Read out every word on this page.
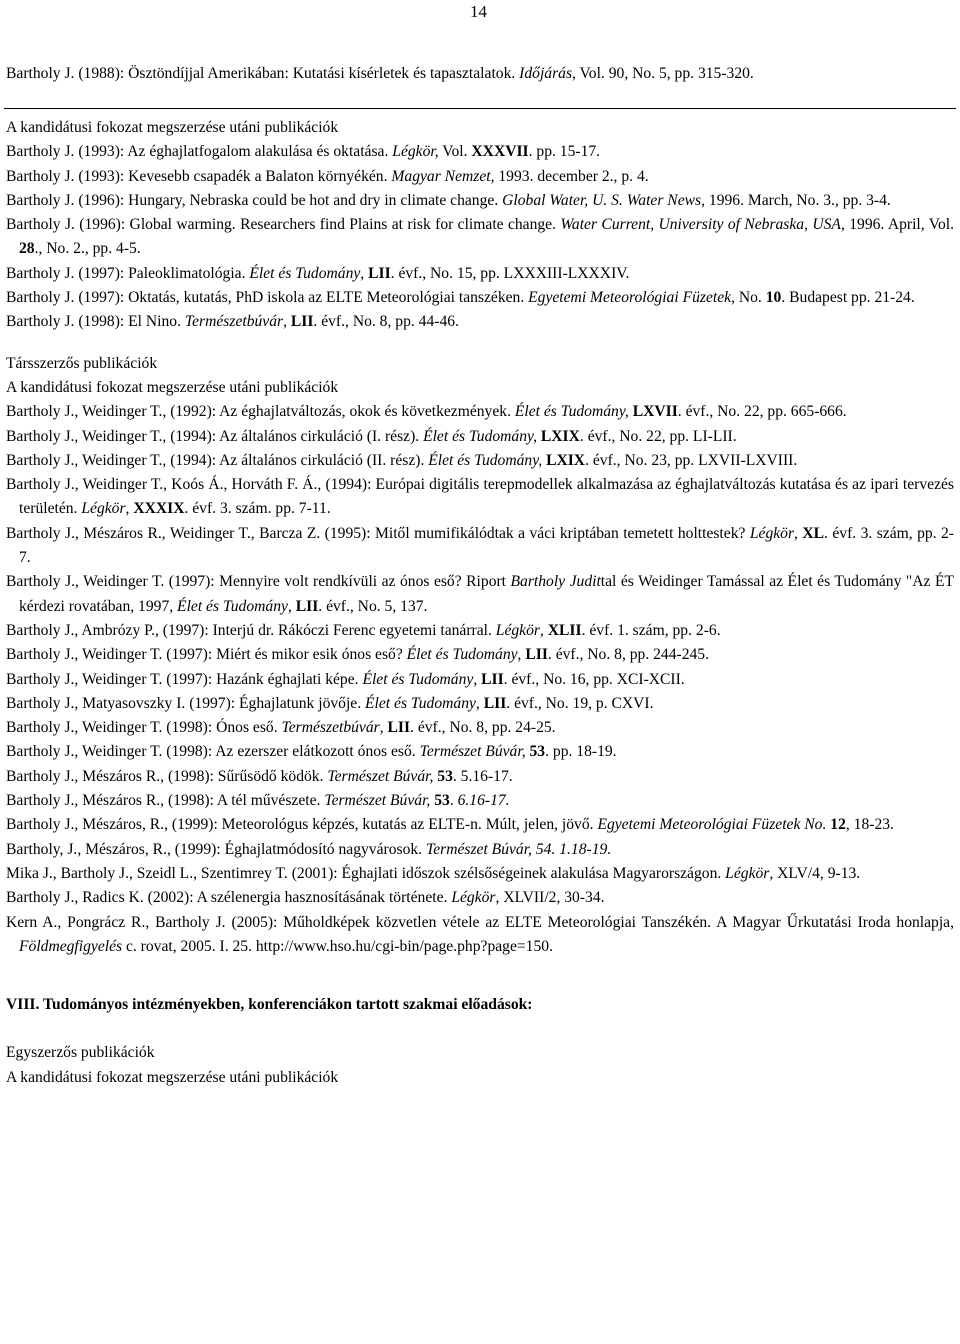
14

Bartholy J. (1988): Ösztöndíjjal Amerikában: Kutatási kísérletek és tapasztalatok. Időjárás, Vol. 90, No. 5, pp. 315-320.

A kandidátusi fokozat megszerzése utáni publikációk

Bartholy J. (1993): Az éghajlatfogalom alakulása és oktatása. Légkör, Vol. XXXVII. pp. 15-17.

Bartholy J. (1993): Kevesebb csapadék a Balaton környékén. Magyar Nemzet, 1993. december 2., p. 4.

Bartholy J. (1996): Hungary, Nebraska could be hot and dry in climate change. Global Water, U. S. Water News, 1996. March, No. 3., pp. 3-4.

Bartholy J. (1996): Global warming. Researchers find Plains at risk for climate change. Water Current, University of Nebraska, USA, 1996. April, Vol. 28., No. 2., pp. 4-5.

Bartholy J. (1997): Paleoklimatológia. Élet és Tudomány, LII. évf., No. 15, pp. LXXXIII-LXXXIV.

Bartholy J. (1997): Oktatás, kutatás, PhD iskola az ELTE Meteorológiai tanszéken. Egyetemi Meteorológiai Füzetek, No. 10. Budapest pp. 21-24.

Bartholy J. (1998): El Nino. Természetbúvár, LII. évf., No. 8, pp. 44-46.

Társszerzős publikációk

A kandidátusi fokozat megszerzése utáni publikációk

Bartholy J., Weidinger T., (1992): Az éghajlatváltozás, okok és következmények. Élet és Tudomány, LXVII. évf., No. 22, pp. 665-666.

Bartholy J., Weidinger T., (1994): Az általános cirkuláció (I. rész). Élet és Tudomány, LXIX. évf., No. 22, pp. LI-LII.

Bartholy J., Weidinger T., (1994): Az általános cirkuláció (II. rész). Élet és Tudomány, LXIX. évf., No. 23, pp. LXVII-LXVIII.

Bartholy J., Weidinger T., Koós Á., Horváth F. Á., (1994): Európai digitális terepmodellek alkalmazása az éghajlatváltozás kutatása és az ipari tervezés területén. Légkör, XXXIX. évf. 3. szám. pp. 7-11.

Bartholy J., Mészáros R., Weidinger T., Barcza Z. (1995): Mitől mumifikálódtak a váci kriptában temetett holttestek? Légkör, XL. évf. 3. szám, pp. 2-7.

Bartholy J., Weidinger T. (1997): Mennyire volt rendkívüli az ónos eső? Riport Bartholy Judittal és Weidinger Tamással az Élet és Tudomány "Az ÉT kérdezi rovatában, 1997, Élet és Tudomány, LII. évf., No. 5, 137.

Bartholy J., Ambrózy P., (1997): Interjú dr. Rákóczi Ferenc egyetemi tanárral. Légkör, XLII. évf. 1. szám, pp. 2-6.

Bartholy J., Weidinger T. (1997): Miért és mikor esik ónos eső? Élet és Tudomány, LII. évf., No. 8, pp. 244-245.

Bartholy J., Weidinger T. (1997): Hazánk éghajlati képe. Élet és Tudomány, LII. évf., No. 16, pp. XCI-XCII.

Bartholy J., Matyasovszky I. (1997): Éghajlatunk jövője. Élet és Tudomány, LII. évf., No. 19, p. CXVI.

Bartholy J., Weidinger T. (1998): Ónos eső. Természetbúvár, LII. évf., No. 8, pp. 24-25.

Bartholy J., Weidinger T. (1998): Az ezerszer elátkozott ónos eső. Természet Búvár, 53. pp. 18-19.

Bartholy J., Mészáros R., (1998): Sűrűsödő ködök. Természet Búvár, 53. 5.16-17.

Bartholy J., Mészáros R., (1998): A tél művészete. Természet Búvár, 53. 6.16-17.

Bartholy J., Mészáros, R., (1999): Meteorológus képzés, kutatás az ELTE-n. Múlt, jelen, jövő. Egyetemi Meteorológiai Füzetek No. 12, 18-23.

Bartholy, J., Mészáros, R., (1999): Éghajlatmódosító nagyvárosok. Természet Búvár, 54. 1.18-19.

Mika J., Bartholy J., Szeidl L., Szentimrey T. (2001): Éghajlati időszok szélsőségeinek alakulása Magyarországon. Légkör, XLV/4, 9-13.

Bartholy J., Radics K. (2002): A szélenergia hasznosításának története. Légkör, XLVII/2, 30-34.

Kern A., Pongrácz R., Bartholy J. (2005): Műholdképek közvetlen vétele az ELTE Meteorológiai Tanszékén. A Magyar Űrkutatási Iroda honlapja, Földmegfigyelés c. rovat, 2005. I. 25. http://www.hso.hu/cgi-bin/page.php?page=150.

VIII. Tudományos intézményekben, konferenciákon tartott szakmai előadások:

Egyszerzős publikációk

A kandidátusi fokozat megszerzése utáni publikációk
